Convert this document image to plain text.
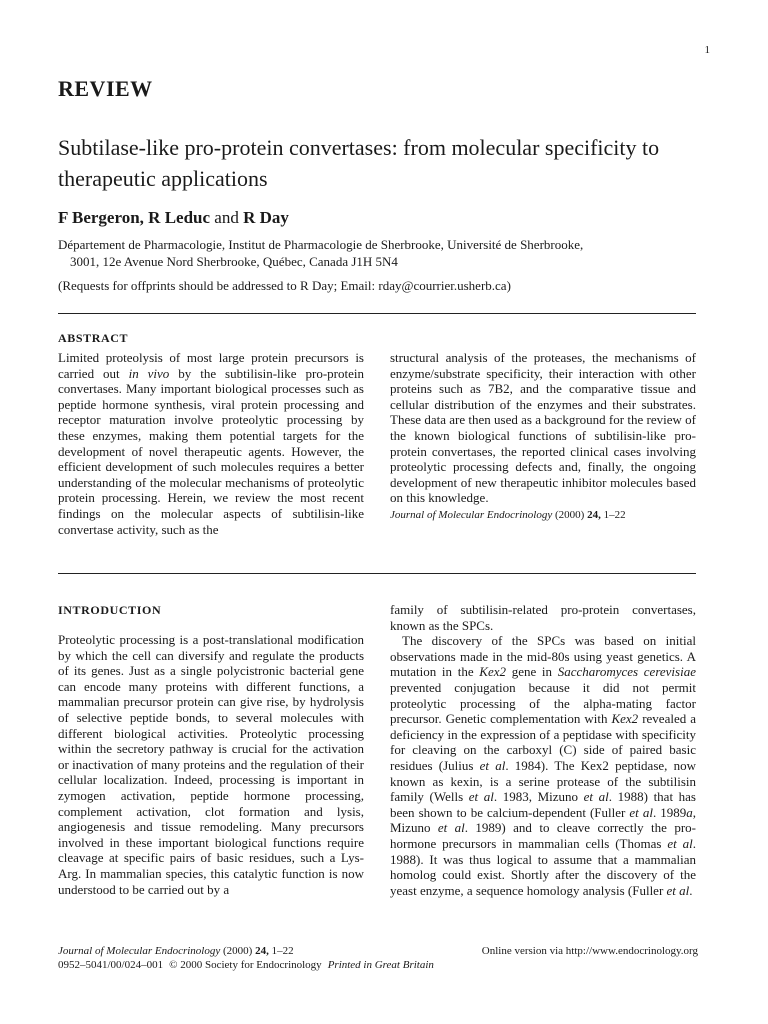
1
REVIEW
Subtilase-like pro-protein convertases: from molecular specificity to therapeutic applications
F Bergeron, R Leduc and R Day
Département de Pharmacologie, Institut de Pharmacologie de Sherbrooke, Université de Sherbrooke,
3001, 12e Avenue Nord Sherbrooke, Québec, Canada J1H 5N4
(Requests for offprints should be addressed to R Day; Email: rday@courrier.usherb.ca)
ABSTRACT

Limited proteolysis of most large protein precursors is carried out in vivo by the subtilisin-like pro-protein convertases. Many important biological processes such as peptide hormone synthesis, viral protein processing and receptor maturation involve proteolytic processing by these enzymes, making them potential targets for the development of novel therapeutic agents. However, the efficient development of such molecules requires a better understanding of the molecular mechanisms of proteolytic protein processing. Herein, we review the most recent findings on the molecular aspects of subtilisin-like convertase activity, such as the

structural analysis of the proteases, the mechanisms of enzyme/substrate specificity, their interaction with other proteins such as 7B2, and the comparative tissue and cellular distribution of the enzymes and their substrates. These data are then used as a background for the review of the known biological functions of subtilisin-like pro-protein convertases, the reported clinical cases involving proteolytic processing defects and, finally, the ongoing development of new therapeutic inhibitor molecules based on this knowledge.

Journal of Molecular Endocrinology (2000) 24, 1–22
INTRODUCTION

Proteolytic processing is a post-translational modification by which the cell can diversify and regulate the products of its genes. Just as a single polycistronic bacterial gene can encode many proteins with different functions, a mammalian precursor protein can give rise, by hydrolysis of selective peptide bonds, to several molecules with different biological activities. Proteolytic processing within the secretory pathway is crucial for the activation or inactivation of many proteins and the regulation of their cellular localization. Indeed, processing is important in zymogen activation, peptide hormone processing, complement activation, clot formation and lysis, angiogenesis and tissue remodeling. Many precursors involved in these important biological functions require cleavage at specific pairs of basic residues, such a Lys-Arg. In mammalian species, this catalytic function is now understood to be carried out by a

family of subtilisin-related pro-protein convertases, known as the SPCs.

The discovery of the SPCs was based on initial observations made in the mid-80s using yeast genetics. A mutation in the Kex2 gene in Saccharomyces cerevisiae prevented conjugation because it did not permit proteolytic processing of the alpha-mating factor precursor. Genetic complementation with Kex2 revealed a deficiency in the expression of a peptidase with specificity for cleaving on the carboxyl (C) side of paired basic residues (Julius et al. 1984). The Kex2 peptidase, now known as kexin, is a serine protease of the subtilisin family (Wells et al. 1983, Mizuno et al. 1988) that has been shown to be calcium-dependent (Fuller et al. 1989a, Mizuno et al. 1989) and to cleave correctly the pro-hormone precursors in mammalian cells (Thomas et al. 1988). It was thus logical to assume that a mammalian homolog could exist. Shortly after the discovery of the yeast enzyme, a sequence homology analysis (Fuller et al.

Journal of Molecular Endocrinology (2000) 24, 1–22	Online version via http://www.endocrinology.org
0952–5041/00/024–001 © 2000 Society for Endocrinology Printed in Great Britain
